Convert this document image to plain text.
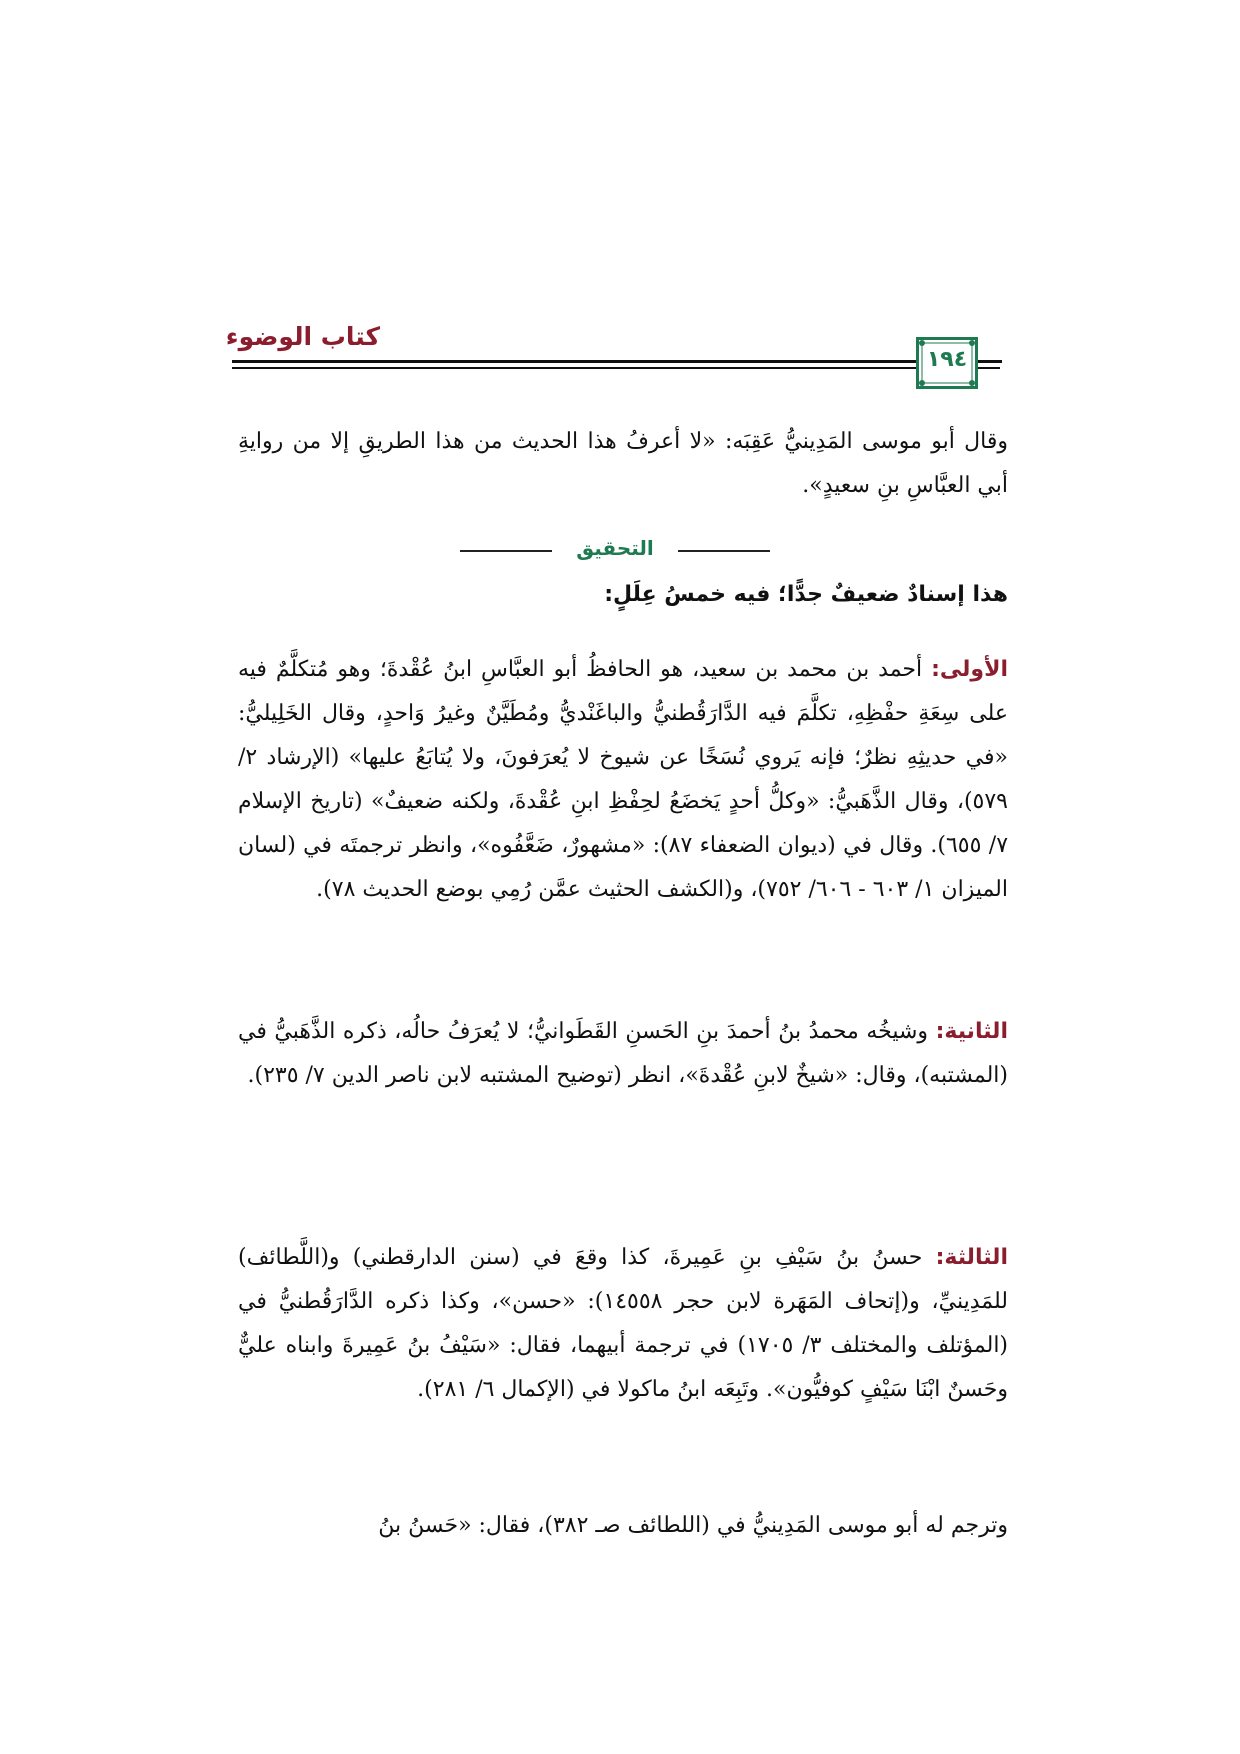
كتاب الوضوء
١٩٤
وقال أبو موسى المَدِينيُّ عَقِبَه: «لا أعرفُ هذا الحديث من هذا الطريقِ إلا من روايةِ أبي العبَّاسِ بنِ سعيدٍ».
التحقيق
هذا إسنادٌ ضعيفٌ جدًّا؛ فيه خمسُ عِلَلٍ:
الأولى: أحمد بن محمد بن سعيد، هو الحافظُ أبو العبَّاسِ ابنُ عُقْدةَ؛ وهو مُتكلَّمٌ فيه على سِعَةِ حفْظِهِ، تكلَّمَ فيه الدَّارَقُطنيُّ والباغَنْديُّ ومُطَيَّنٌ وغيرُ وَاحدٍ، وقال الخَلِيليُّ: «في حديثِهِ نظرٌ؛ فإنه يَروي نُسَخًا عن شيوخ لا يُعرَفونَ، ولا يُتابَعُ عليها» (الإرشاد ٢/ ٥٧٩)، وقال الذَّهَبيُّ: «وكلُّ أحدٍ يَخضَعُ لحِفْظِ ابنِ عُقْدةَ، ولكنه ضعيفٌ» (تاريخ الإسلام ٧/ ٦٥٥). وقال في (ديوان الضعفاء ٨٧): «مشهورٌ، ضَعَّفُوه»، وانظر ترجمتَه في (لسان الميزان ١/ ٦٠٣ - ٦٠٦/ ٧٥٢)، و(الكشف الحثيث عمَّن رُمِي بوضع الحديث ٧٨).
الثانية: وشيخُه محمدُ بنُ أحمدَ بنِ الحَسنِ القَطَوانيُّ؛ لا يُعرَفُ حالُه، ذكره الذَّهَبيُّ في (المشتبه)، وقال: «شيخٌ لابنِ عُقْدةَ»، انظر (توضيح المشتبه لابن ناصر الدين ٧/ ٢٣٥).
الثالثة: حسنُ بنُ سَيْفِ بنِ عَمِيرةَ، كذا وقعَ في (سنن الدارقطني) و(اللَّطائف) للمَدِينيِّ، و(إتحاف المَهَرة لابن حجر ١٤٥٥٨): «حسن»، وكذا ذكره الدَّارَقُطنيُّ في (المؤتلف والمختلف ٣/ ١٧٠٥) في ترجمة أبيهما، فقال: «سَيْفُ بنُ عَمِيرةَ وابناه عليٌّ وحَسنٌ ابْنَا سَيْفٍ كوفيُّون». وتَبِعَه ابنُ ماكولا في (الإكمال ٦/ ٢٨١).
وترجم له أبو موسى المَدِينيُّ في (اللطائف صـ ٣٨٢)، فقال: «حَسنُ بنُ
